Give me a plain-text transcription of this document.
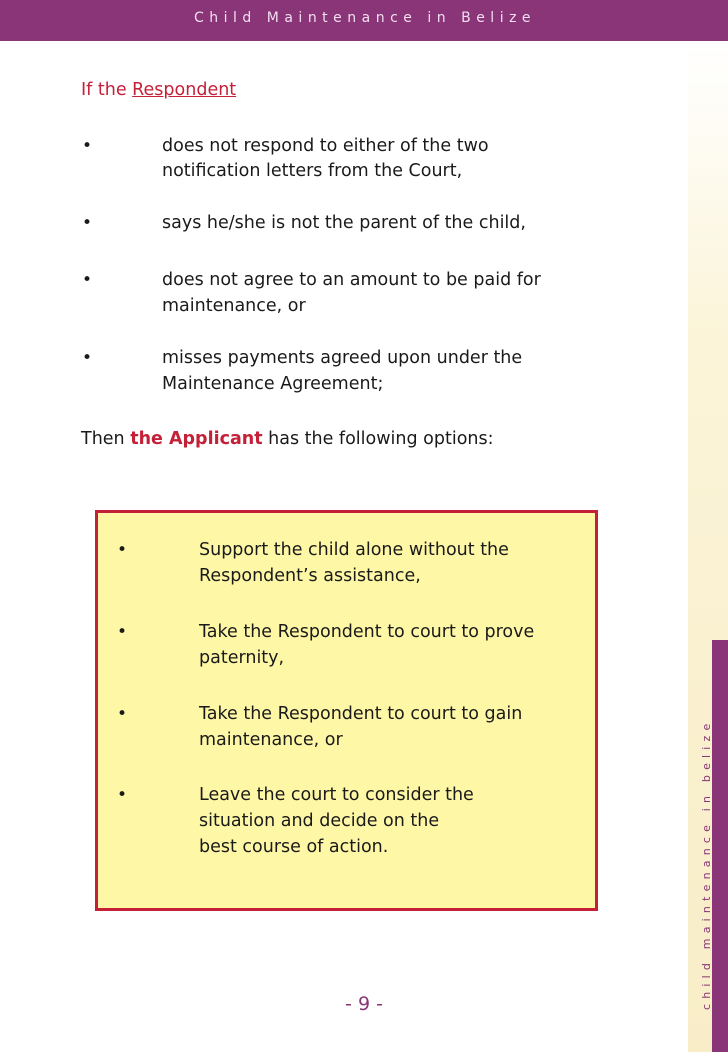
Child Maintenance in Belize
child maintenance in belize
If the Respondent
•	does not respond to either of the two
notification letters from the Court,
•	says he/she is not the parent of the child,
•	does not agree to an amount to be paid for
maintenance, or
•	misses payments agreed upon under the
Maintenance Agreement;
Then the Applicant has the following options:
•	Support the child alone without the
Respondent’s assistance,
•	Take the Respondent to court to prove
paternity,
•	Take the Respondent to court to gain
maintenance, or
•	Leave the court to consider the
situation and decide on the
best course of action.
- 9 -
